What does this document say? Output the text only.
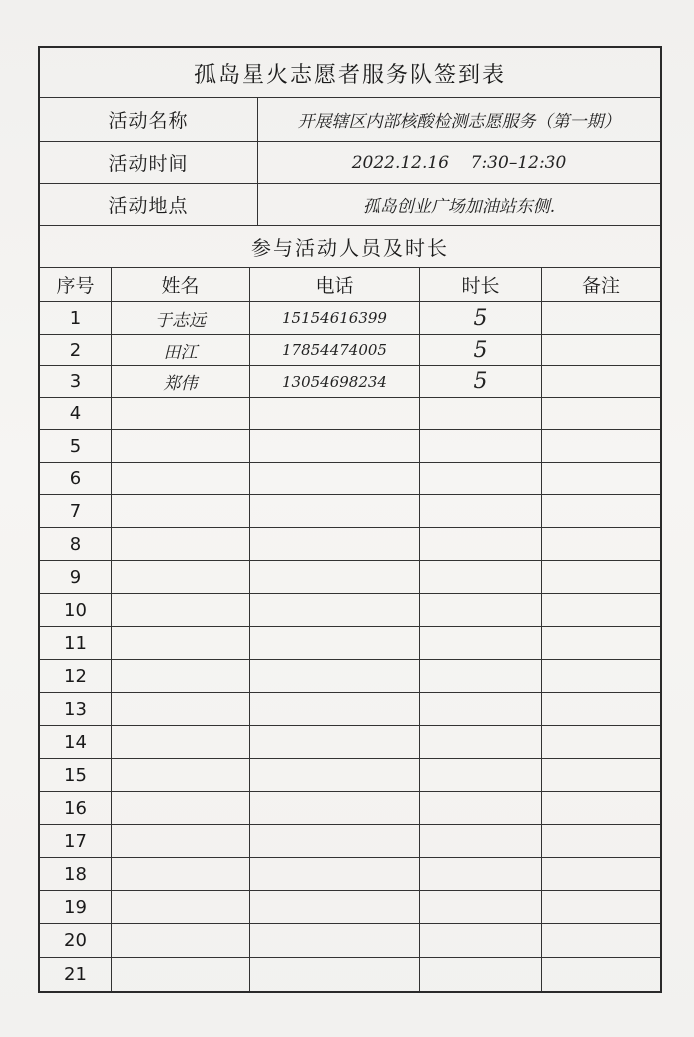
孤岛星火志愿者服务队签到表
活动名称	开展辖区内部核酸检测志愿服务（第一期）
活动时间	2022.12.16    7:30–12:30
活动地点	孤岛创业广场加油站东侧.
参与活动人员及时长
序号	姓名	电话	时长	备注
1	于志远	15154616399	5
2	田江	17854474005	5
3	郑伟	13054698234	5
4
5
6
7
8
9
10
11
12
13
14
15
16
17
18
19
20
21
